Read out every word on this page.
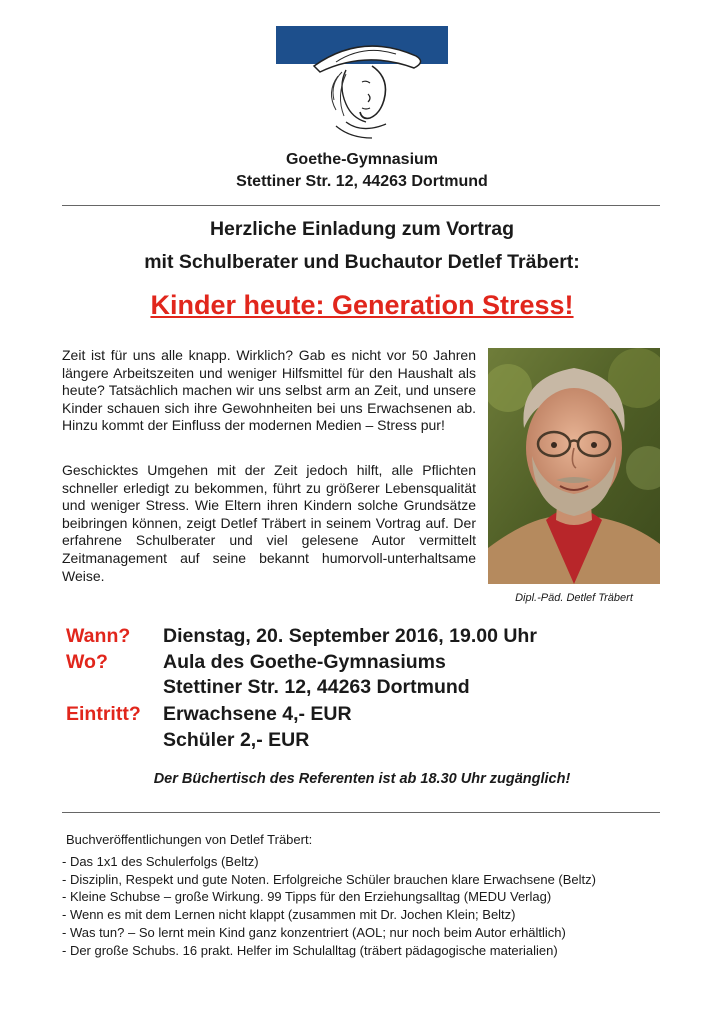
Goethe-Gymnasium
Stettiner Str. 12, 44263 Dortmund
Herzliche Einladung zum Vortrag
mit Schulberater und Buchautor Detlef Träbert:
Kinder heute: Generation Stress!

Zeit ist für uns alle knapp. Wirklich? Gab es nicht vor 50 Jahren längere Arbeitszeiten und weniger Hilfsmittel für den Haushalt als heute? Tatsächlich machen wir uns selbst arm an Zeit, und unsere Kinder schauen sich ihre Gewohnheiten bei uns Erwachsenen ab. Hinzu kommt der Einfluss der modernen Medien – Stress pur!

Geschicktes Umgehen mit der Zeit jedoch hilft, alle Pflichten schneller erledigt zu bekommen, führt zu größerer Lebensqualität und weniger Stress. Wie Eltern ihren Kindern solche Grundsätze beibringen können, zeigt Detlef Träbert in seinem Vortrag auf. Der erfahrene Schulberater und viel gelesene Autor vermittelt Zeitmanagement auf seine bekannt humorvoll-unterhaltsame Weise.

Dipl.-Päd. Detlef Träbert
Wann? Dienstag, 20. September 2016, 19.00 Uhr
Wo?	Aula des Goethe-Gymnasiums
Stettiner Str. 12, 44263 Dortmund
Eintritt? Erwachsene 4,- EUR
Schüler 2,- EUR
Der Büchertisch des Referenten ist ab 18.30 Uhr zugänglich!
Buchveröffentlichungen von Detlef Träbert:
- Das 1x1 des Schulerfolgs (Beltz)
- Disziplin, Respekt und gute Noten. Erfolgreiche Schüler brauchen klare Erwachsene (Beltz)
- Kleine Schubse – große Wirkung. 99 Tipps für den Erziehungsalltag (MEDU Verlag)
- Wenn es mit dem Lernen nicht klappt (zusammen mit Dr. Jochen Klein; Beltz)
- Was tun? – So lernt mein Kind ganz konzentriert (AOL; nur noch beim Autor erhältlich)
- Der große Schubs. 16 prakt. Helfer im Schulalltag (träbert pädagogische materialien)
